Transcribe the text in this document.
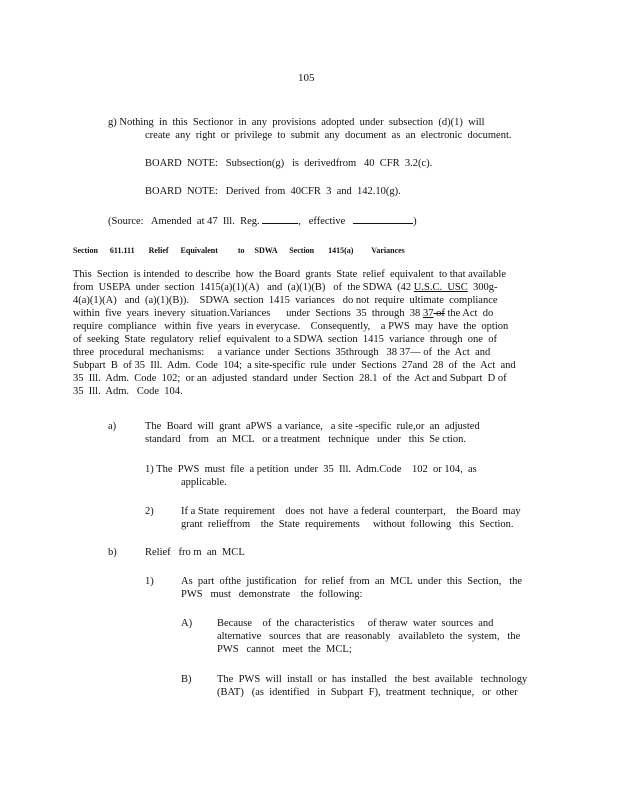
105
g) Nothing  in  this  Sectionor  in  any  provisions  adopted  under  subsection  (d)(1)  will
create  any  right  or  privilege  to  submit  any  document  as  an  electronic  document.
BOARD  NOTE:   Subsection(g)   is  derivedfrom   40  CFR  3.2(c).
BOARD  NOTE:   Derived  from  40CFR  3  and  142.10(g).
(Source:   Amended  at 47  Ill.  Reg.	,   effective	)
Section      611.111       Relief      Equivalent          to     SDWA      Section       1415(a)         Variances
This  Section  is intended  to describe  how  the Board  grants  State  relief  equivalent  to that available
from  USEPA  under  section  1415(a)(1)(A)   and  (a)(1)(B)   of  the SDWA  (42 U.S.C.  USC  300g-
4(a)(1)(A)   and  (a)(1)(B)).    SDWA  section  1415  variances   do not  require  ultimate  compliance
within  five  years  inevery  situation.Variances      under  Sections  35  through  38 37 of the Act  do
require  compliance   within  five  years  in everycase.    Consequently,    a PWS  may  have  the  option
of  seeking  State  regulatory  relief  equivalent  to a SDWA  section  1415  variance  through  one  of
three  procedural  mechanisms:     a variance  under  Sections  35through   38 37— of  the  Act  and
Subpart  B  of 35  Ill.  Adm.  Code  104;  a site-specific  rule  under  Sections  27and  28  of  the  Act  and
35  Ill.  Adm.  Code  102;  or an  adjusted  standard  under  Section  28.1  of  the  Act and Subpart  D of
35  Ill.  Adm.   Code  104.
a)	The  Board  will  grant  aPWS  a variance,   a site -specific  rule,or  an  adjusted
standard   from   an  MCL   or a treatment   technique   under   this  Se ction.
1) The  PWS  must  file  a petition  under  35  Ill.  Adm.Code    102  or 104,  as
applicable.
2)	If a State  requirement    does  not  have  a federal  counterpart,    the Board  may
grant  relieffrom    the  State  requirements     without  following   this  Section.
b)	Relief   fro m  an  MCL
1)	As  part  ofthe  justification   for  relief  from  an  MCL  under  this  Section,   the
PWS   must   demonstrate    the  following:
A) Because    of  the  characteristics     of theraw  water  sources  and
alternative   sources  that  are  reasonably   availableto  the  system,   the
PWS   cannot   meet  the  MCL;
B) The  PWS  will  install  or  has  installed   the  best  available   technology
(BAT)   (as  identified   in  Subpart  F),  treatment  technique,   or  other
